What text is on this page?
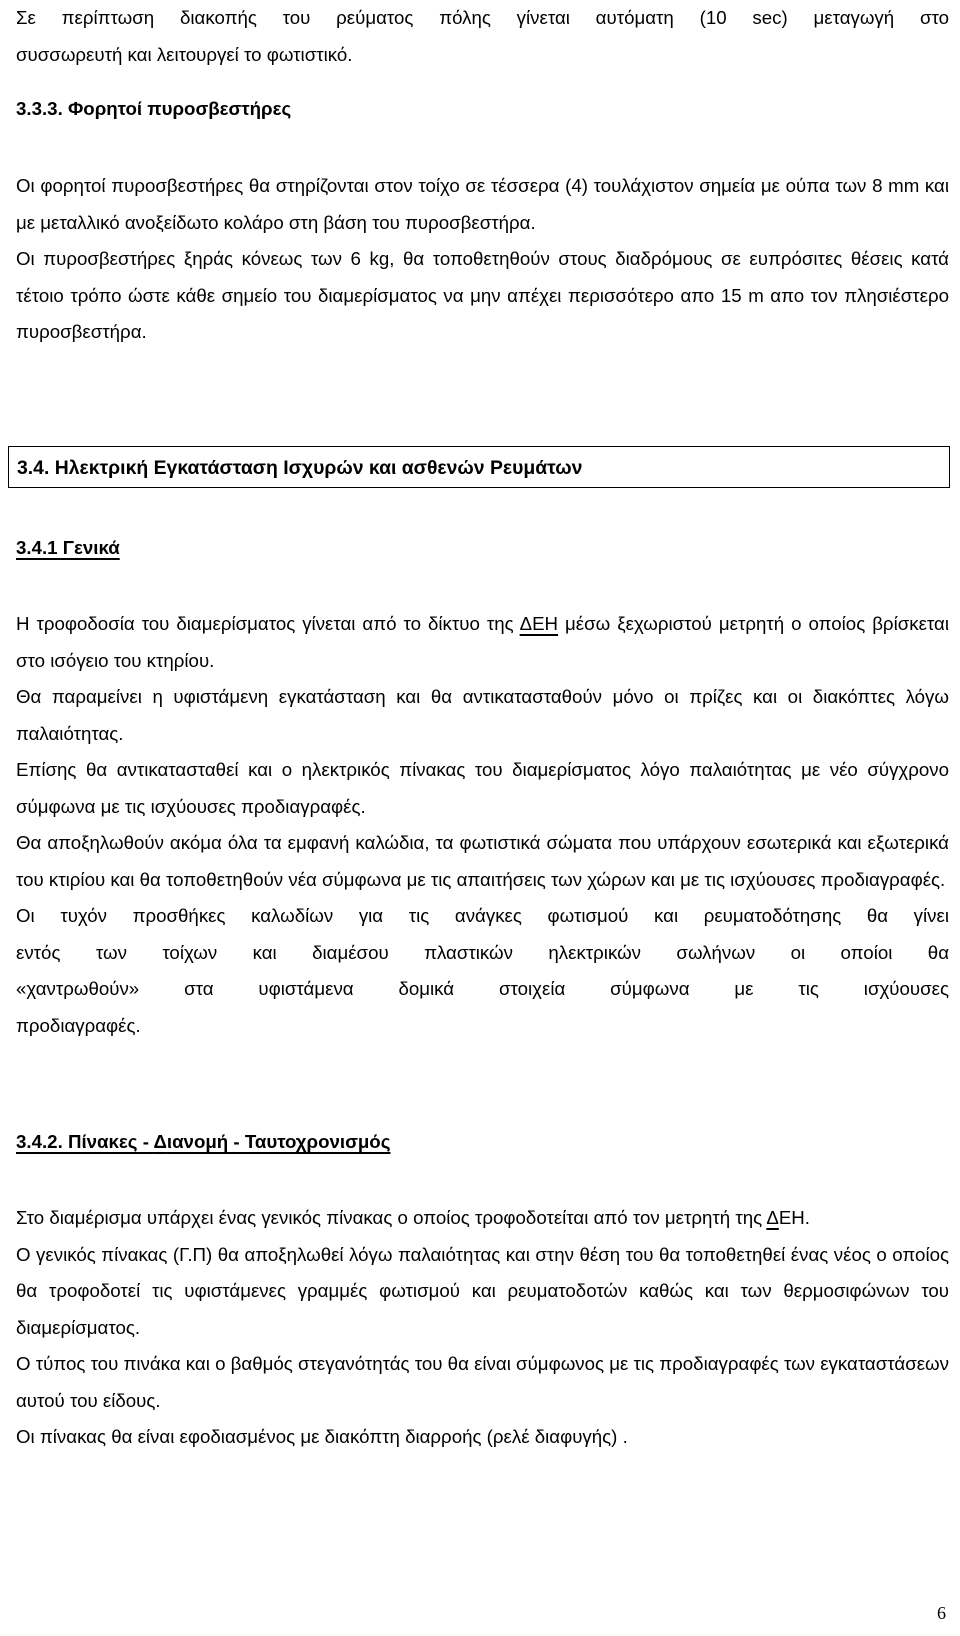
Σε περίπτωση διακοπής του ρεύματος πόλης γίνεται αυτόματη (10 sec) μεταγωγή στο

συσσωρευτή και λειτουργεί το φωτιστικό.

3.3.3. Φορητοί πυροσβεστήρες

Οι φορητοί πυροσβεστήρες θα στηρίζονται στον τοίχο σε τέσσερα (4) τουλάχιστον σημεία με ούπα των 8 mm και με μεταλλικό ανοξείδωτο κολάρο στη βάση του πυροσβεστήρα.

Οι πυροσβεστήρες ξηράς κόνεως των 6 kg, θα τοποθετηθούν στους διαδρόμους σε ευπρόσιτες θέσεις κατά τέτοιο τρόπο ώστε κάθε σημείο του διαμερίσματος να μην απέχει περισσότερο απο 15 m απο τον πλησιέστερο πυροσβεστήρα.

3.4. Ηλεκτρική Εγκατάσταση Ισχυρών και ασθενών Ρευμάτων

3.4.1 Γενικά

Η τροφοδοσία του διαμερίσματος γίνεται από το δίκτυο της ΔΕΗ μέσω ξεχωριστού μετρητή ο οποίος βρίσκεται στο ισόγειο του κτηρίου.

Θα παραμείνει η υφιστάμενη εγκατάσταση και θα αντικατασταθούν μόνο οι πρίζες και οι διακόπτες λόγω παλαιότητας.

Επίσης θα αντικατασταθεί και ο ηλεκτρικός πίνακας του διαμερίσματος λόγο παλαιότητας με νέο σύγχρονο σύμφωνα με τις ισχύουσες προδιαγραφές.

Θα αποξηλωθούν ακόμα όλα τα εμφανή καλώδια, τα φωτιστικά σώματα που υπάρχουν εσωτερικά και εξωτερικά του κτιρίου και θα τοποθετηθούν νέα σύμφωνα με τις απαιτήσεις των χώρων και με τις ισχύουσες προδιαγραφές.

Οι τυχόν προσθήκες καλωδίων για τις ανάγκες φωτισμού και ρευματοδότησης θα γίνει

εντός των τοίχων και διαμέσου πλαστικών ηλεκτρικών σωλήνων οι οποίοι θα

«χαντρωθούν» στα υφιστάμενα δομικά στοιχεία σύμφωνα με τις ισχύουσες

προδιαγραφές.

3.4.2. Πίνακες - Διανομή - Ταυτοχρονισμός

Στο διαμέρισμα υπάρχει ένας γενικός πίνακας ο οποίος τροφοδοτείται από τον μετρητή της ΔΕΗ.

Ο γενικός πίνακας (Γ.Π) θα αποξηλωθεί λόγω παλαιότητας και στην θέση του θα τοποθετηθεί ένας νέος ο οποίος θα τροφοδοτεί τις υφιστάμενες γραμμές φωτισμού και ρευματοδοτών καθώς και των θερμοσιφώνων του διαμερίσματος.

Ο τύπος του πινάκα και ο βαθμός στεγανότητάς του θα είναι σύμφωνος με τις προδιαγραφές των εγκαταστάσεων αυτού του είδους.

Οι πίνακας θα είναι εφοδιασμένος με διακόπτη διαρροής (ρελέ διαφυγής) .

6
